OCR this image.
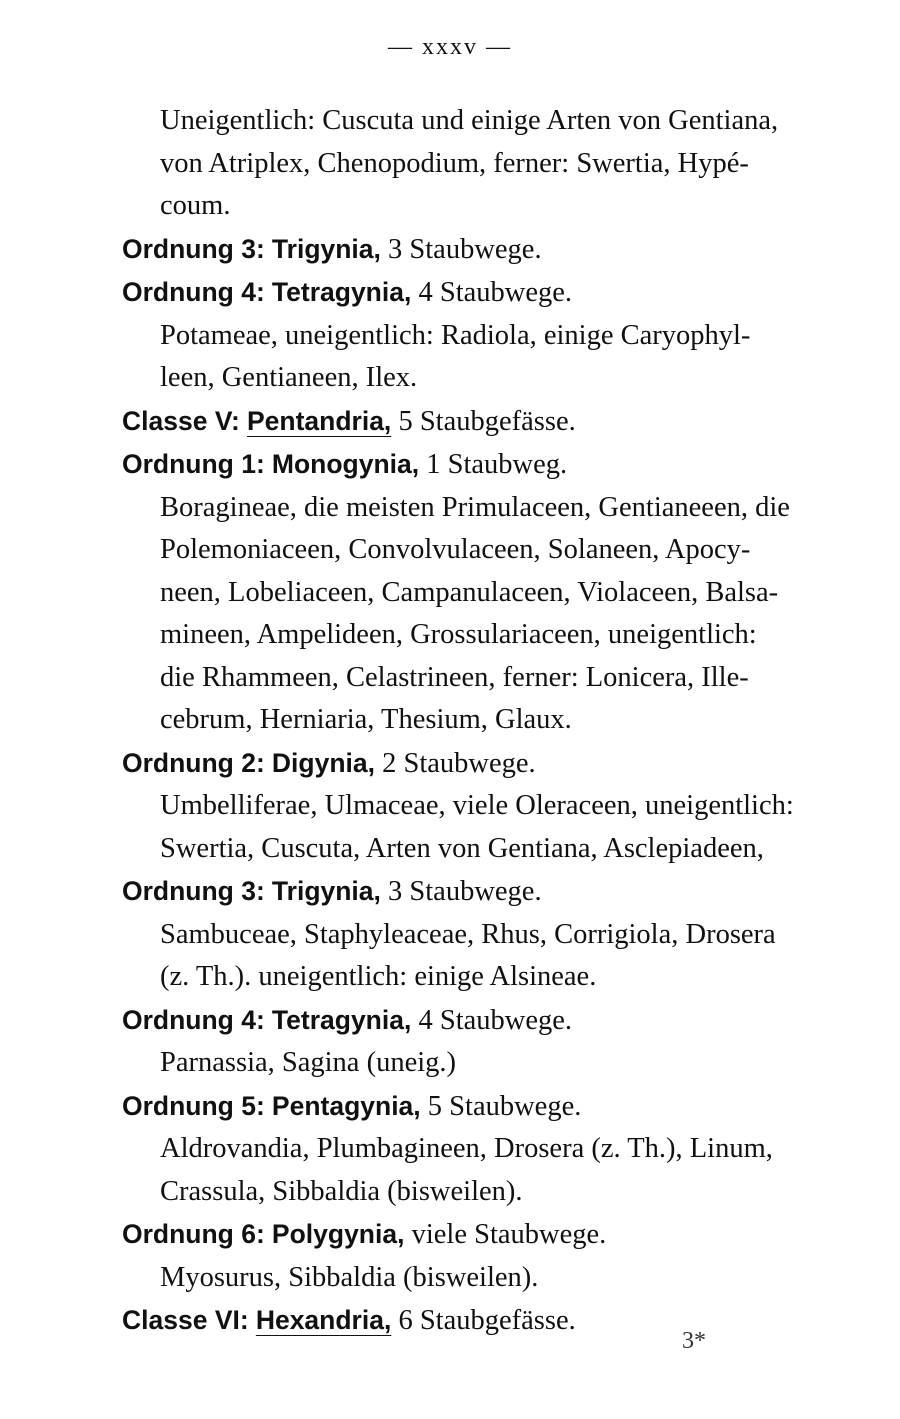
— xxxv —
Uneigentlich: Cuscuta und einige Arten von Gentiana,
von Atriplex, Chenopodium, ferner: Swertia, Hypé-
coum.
Ordnung 3: Trigynia, 3 Staubwege.
Ordnung 4: Tetragynia, 4 Staubwege.
Potameae, uneigentlich: Radiola, einige Caryophyl-
leen, Gentianeen, Ilex.
Classe V: Pentandria, 5 Staubgefässe.
Ordnung 1: Monogynia, 1 Staubweg.
Boragineae, die meisten Primulaceen, Gentianeeen, die
Polemoniaceen, Convolvulaceen, Solaneen, Apocy-
neen, Lobeliaceen, Campanulaceen, Violaceen, Balsa-
mineen, Ampelideen, Grossulariaceen, uneigentlich:
die Rhammeen, Celastrineen, ferner: Lonicera, Ille-
cebrum, Herniaria, Thesium, Glaux.
Ordnung 2: Digynia, 2 Staubwege.
Umbelliferae, Ulmaceae, viele Oleraceen, uneigentlich:
Swertia, Cuscuta, Arten von Gentiana, Asclepiadeen,
Ordnung 3: Trigynia, 3 Staubwege.
Sambuceae, Staphyleaceae, Rhus, Corrigiola, Drosera
(z. Th.). uneigentlich: einige Alsineae.
Ordnung 4: Tetragynia, 4 Staubwege.
Parnassia, Sagina (uneig.)
Ordnung 5: Pentagynia, 5 Staubwege.
Aldrovandia, Plumbagineen, Drosera (z. Th.), Linum,
Crassula, Sibbaldia (bisweilen).
Ordnung 6: Polygynia, viele Staubwege.
Myosurus, Sibbaldia (bisweilen).
Classe VI: Hexandria, 6 Staubgefässe.
3*
